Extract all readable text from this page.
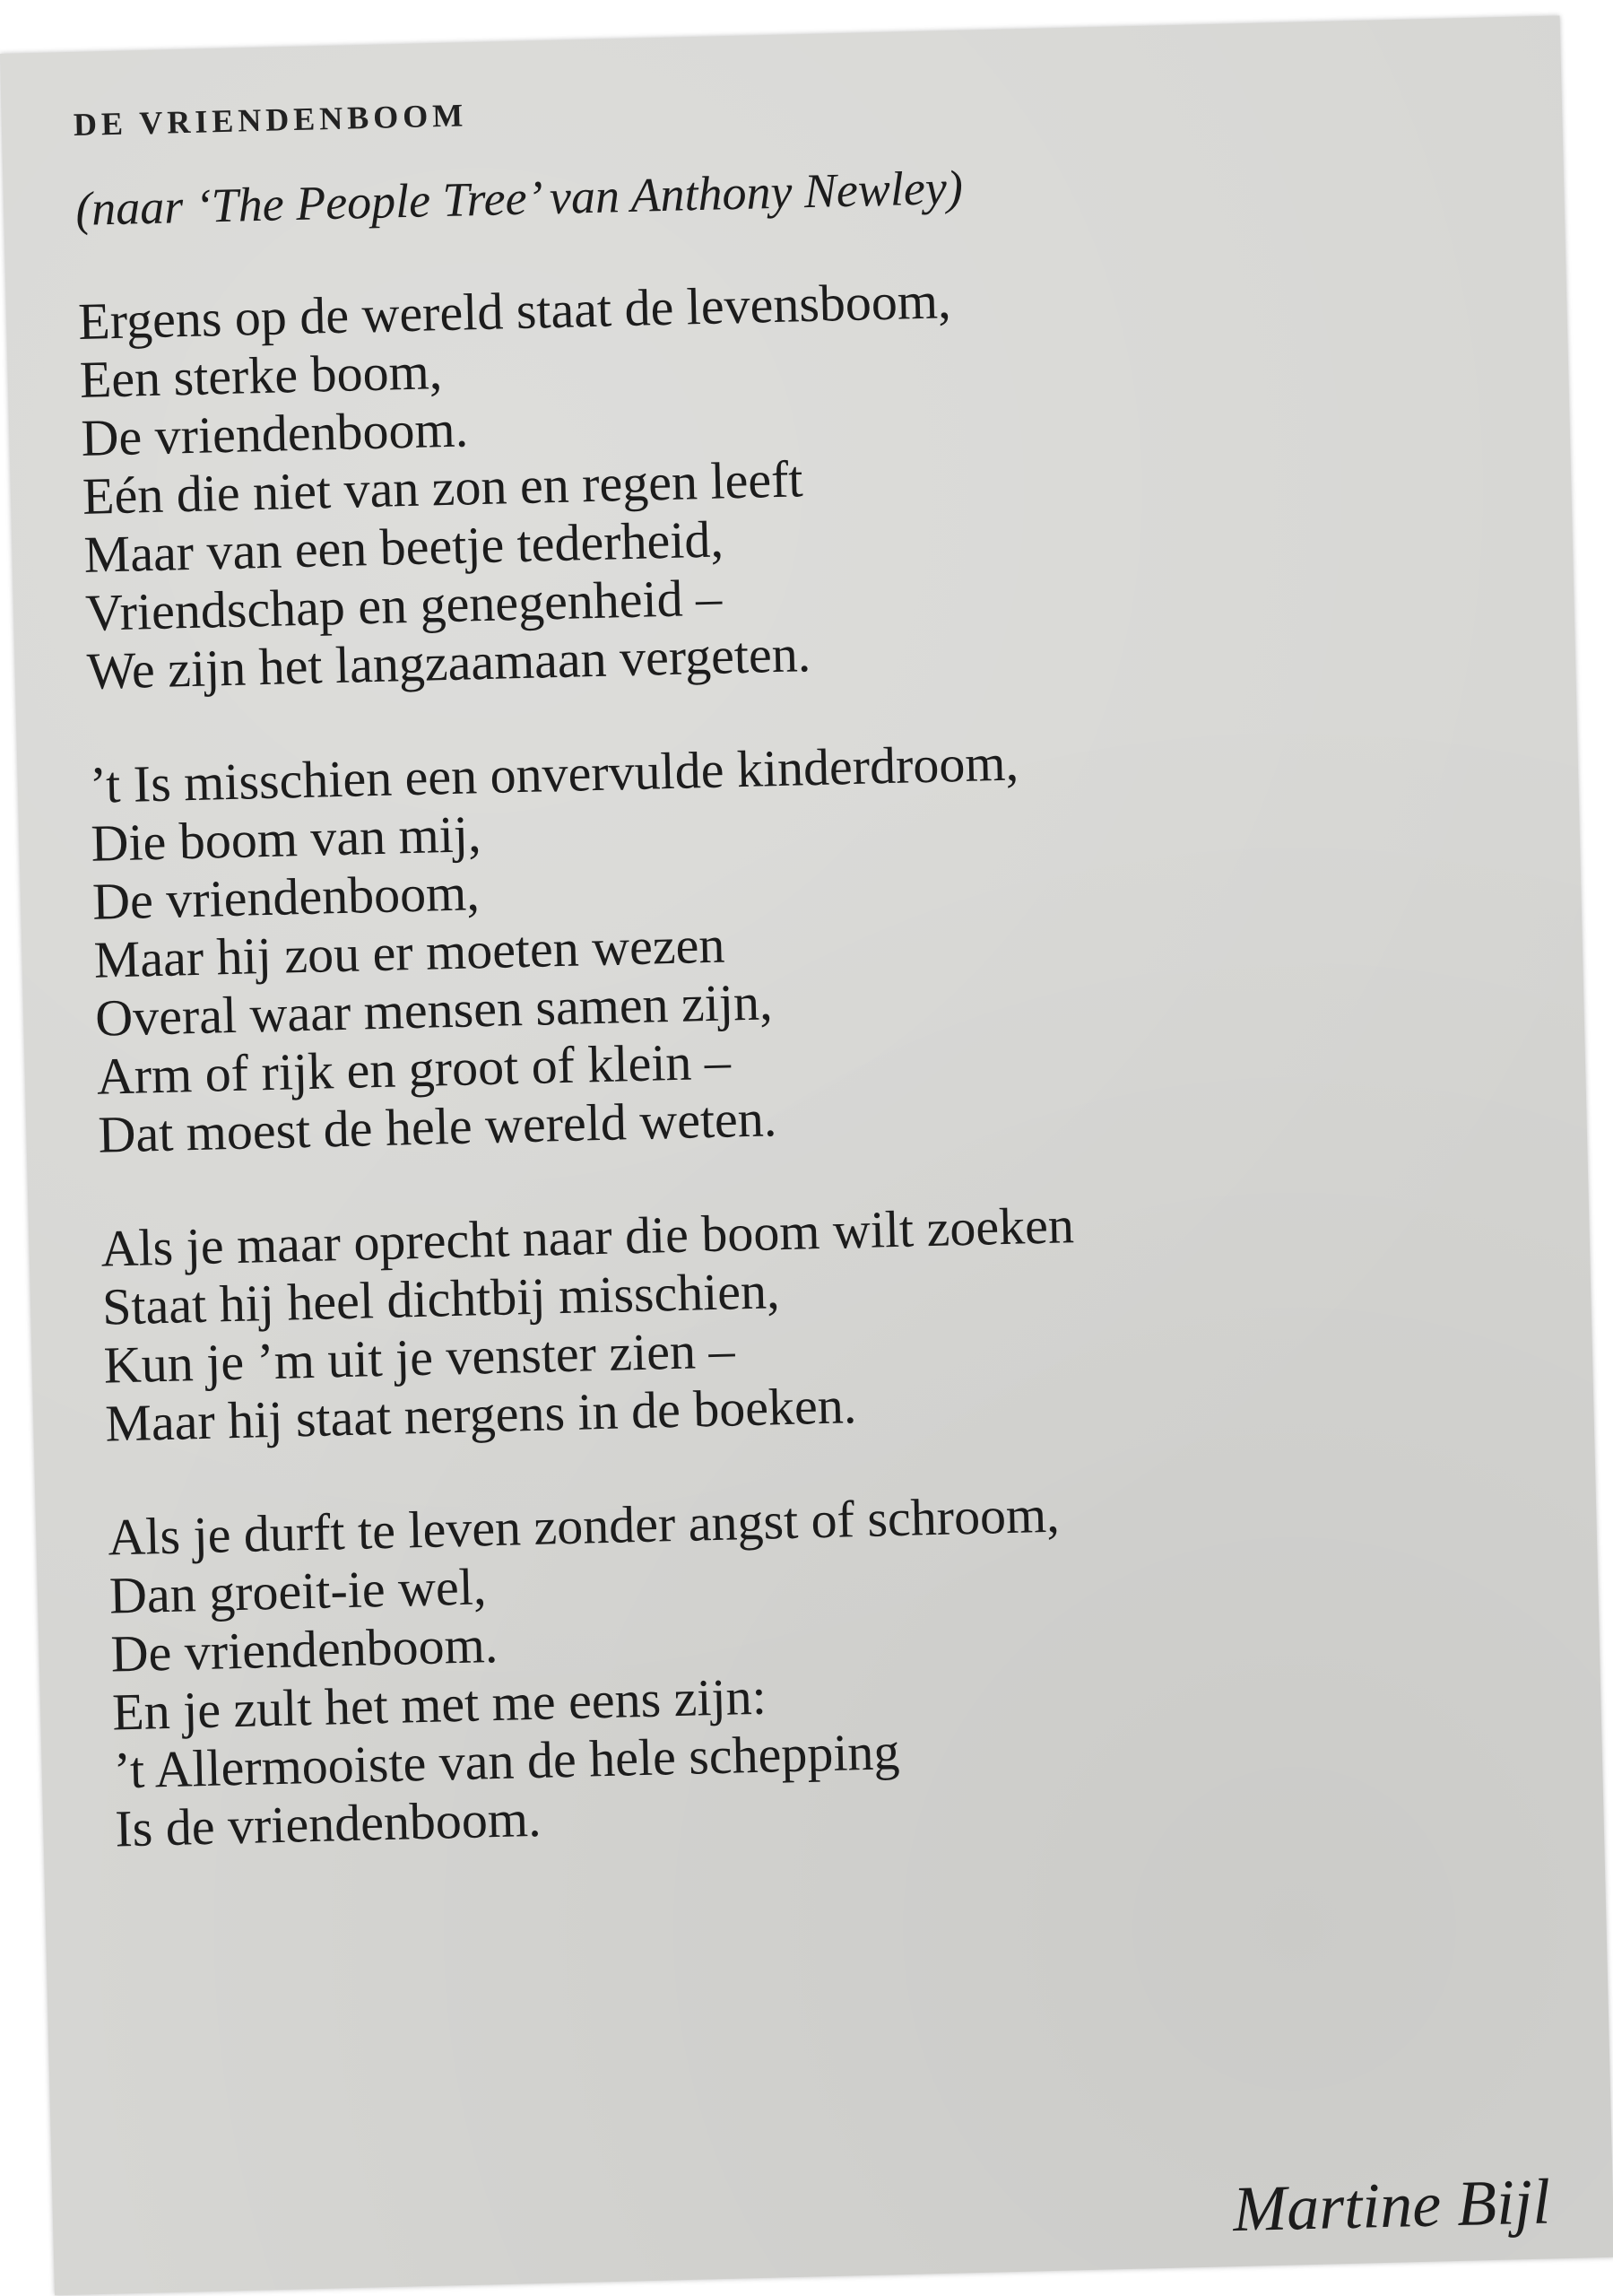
DE VRIENDENBOOM
(naar ‘The People Tree’ van Anthony Newley)
Ergens op de wereld staat de levensboom,
Een sterke boom,
De vriendenboom.
Eén die niet van zon en regen leeft
Maar van een beetje tederheid,
Vriendschap en genegenheid –
We zijn het langzaamaan vergeten.
’t Is misschien een onvervulde kinderdroom,
Die boom van mij,
De vriendenboom,
Maar hij zou er moeten wezen
Overal waar mensen samen zijn,
Arm of rijk en groot of klein –
Dat moest de hele wereld weten.
Als je maar oprecht naar die boom wilt zoeken
Staat hij heel dichtbij misschien,
Kun je ’m uit je venster zien –
Maar hij staat nergens in de boeken.
Als je durft te leven zonder angst of schroom,
Dan groeit-ie wel,
De vriendenboom.
En je zult het met me eens zijn:
’t Allermooiste van de hele schepping
Is de vriendenboom.
Martine Bijl
